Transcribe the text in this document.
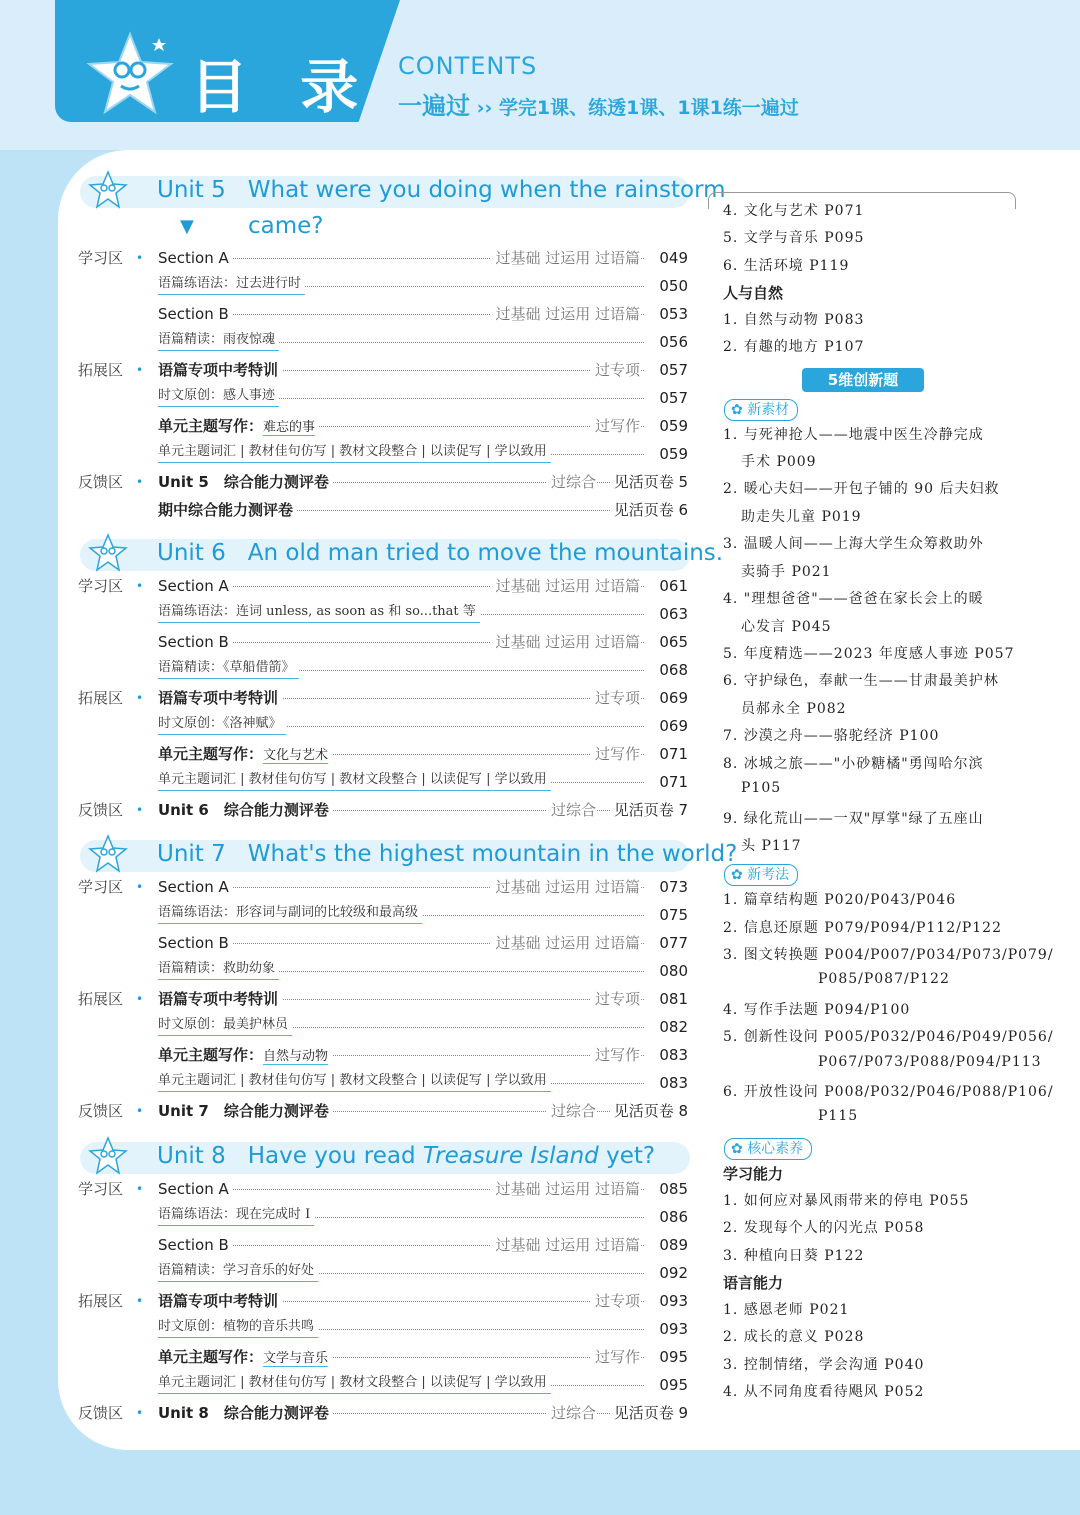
目 录 CONTENTS
一遍过 ›› 学完1课、练透1课、1课1练一遍过
Unit 5 What were you doing when the rainstorm
▼ came?
学习区 • Section A	过基础 过运用 过语篇	049
语篇练语法：过去进行时	050
Section B	过基础 过运用 过语篇	053
语篇精读：雨夜惊魂	056
拓展区 • 语篇专项中考特训	过专项	057
时文原创：感人事迹	057
单元主题写作：难忘的事	过写作	059
单元主题词汇 | 教材佳句仿写 | 教材文段整合 | 以读促写 | 学以致用	059
反馈区 • Unit 5　综合能力测评卷	过综合 见活页卷 5
期中综合能力测评卷	见活页卷 6
Unit 6 An old man tried to move the mountains.
学习区 • Section A	过基础 过运用 过语篇	061
语篇练语法：连词 unless, as soon as 和 so...that 等	063
Section B	过基础 过运用 过语篇	065
语篇精读：《草船借箭》	068
拓展区 • 语篇专项中考特训	过专项	069
时文原创：《洛神赋》	069
单元主题写作：文化与艺术	过写作	071
单元主题词汇 | 教材佳句仿写 | 教材文段整合 | 以读促写 | 学以致用	071
反馈区 • Unit 6　综合能力测评卷	过综合 见活页卷 7
Unit 7 What's the highest mountain in the world?
学习区 • Section A	过基础 过运用 过语篇	073
语篇练语法：形容词与副词的比较级和最高级	075
Section B	过基础 过运用 过语篇	077
语篇精读：救助幼象	080
拓展区 • 语篇专项中考特训	过专项	081
时文原创：最美护林员	082
单元主题写作：自然与动物	过写作	083
单元主题词汇 | 教材佳句仿写 | 教材文段整合 | 以读促写 | 学以致用	083
反馈区 • Unit 7　综合能力测评卷	过综合 见活页卷 8
Unit 8 Have you read Treasure Island yet?
学习区 • Section A	过基础 过运用 过语篇	085
语篇练语法：现在完成时 Ⅰ	086
Section B	过基础 过运用 过语篇	089
语篇精读：学习音乐的好处	092
拓展区 • 语篇专项中考特训	过专项	093
时文原创：植物的音乐共鸣	093
单元主题写作：文学与音乐	过写作	095
单元主题词汇 | 教材佳句仿写 | 教材文段整合 | 以读促写 | 学以致用	095
反馈区 • Unit 8　综合能力测评卷	过综合 见活页卷 9
4. 文化与艺术 P071
5. 文学与音乐 P095
6. 生活环境 P119
人与自然
1. 自然与动物 P083
2. 有趣的地方 P107
5维创新题
✿ 新素材
1. 与死神抢人——地震中医生冷静完成
手术 P009
2. 暖心夫妇——开包子铺的 90 后夫妇救
助走失儿童 P019
3. 温暖人间——上海大学生众筹救助外
卖骑手 P021
4. "理想爸爸"——爸爸在家长会上的暖
心发言 P045
5. 年度精选——2023 年度感人事迹 P057
6. 守护绿色，奉献一生——甘肃最美护林
员郝永全 P082
7. 沙漠之舟——骆驼经济 P100
8. 冰城之旅——"小砂糖橘"勇闯哈尔滨
P105
9. 绿化荒山——一双"厚掌"绿了五座山
头 P117
✿ 新考法
1. 篇章结构题 P020/P043/P046
2. 信息还原题 P079/P094/P112/P122
3. 图文转换题 P004/P007/P034/P073/P079/
P085/P087/P122
4. 写作手法题 P094/P100
5. 创新性设问 P005/P032/P046/P049/P056/
P067/P073/P088/P094/P113
6. 开放性设问 P008/P032/P046/P088/P106/
P115
✿ 核心素养
学习能力
1. 如何应对暴风雨带来的停电 P055
2. 发现每个人的闪光点 P058
3. 种植向日葵 P122
语言能力
1. 感恩老师 P021
2. 成长的意义 P028
3. 控制情绪，学会沟通 P040
4. 从不同角度看待飓风 P052
